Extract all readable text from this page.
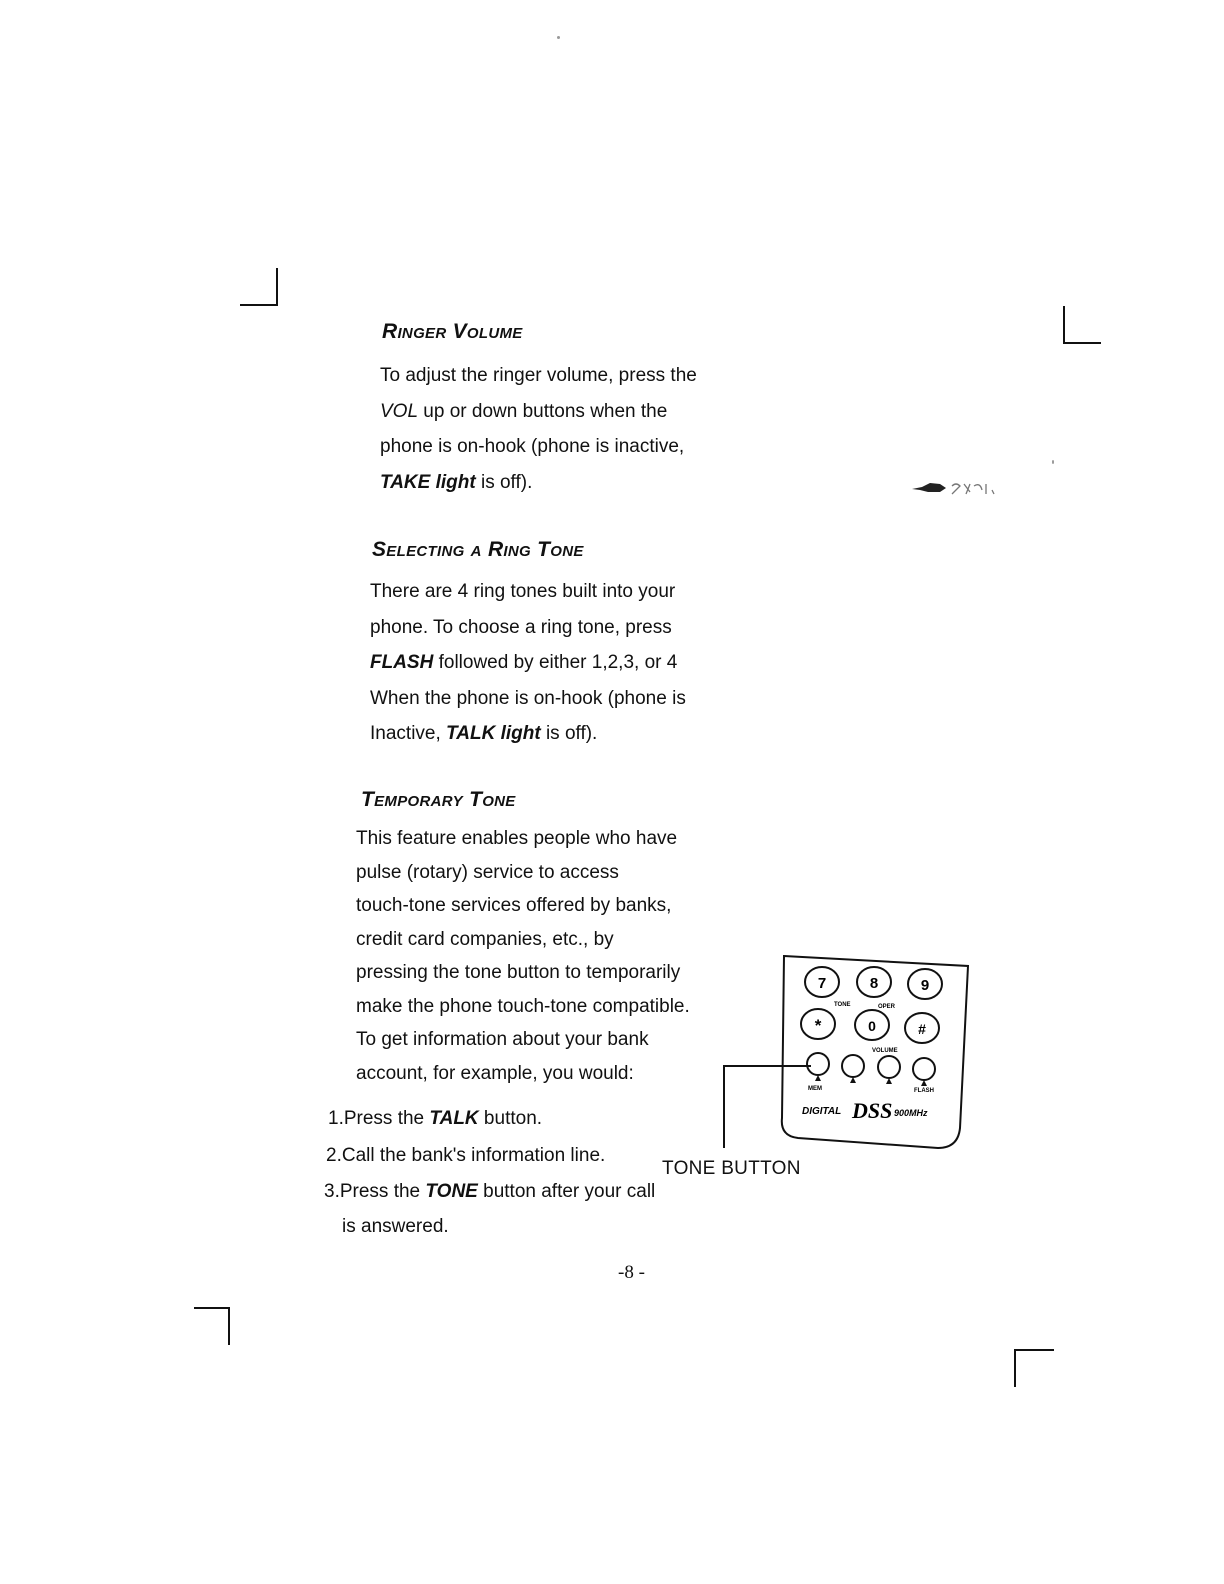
Ringer Volume
To adjust the ringer volume, press the
VOL up or down buttons when the
phone is on-hook (phone is inactive,
TAKE light is off).
Selecting a Ring Tone
There are 4 ring tones built into your
phone. To choose a ring tone, press
FLASH followed by either 1,2,3, or 4
When the phone is on-hook (phone is
Inactive, TALK light is off).
Temporary Tone
This feature enables people who have
pulse (rotary) service to access
touch-tone services offered by banks,
credit card companies, etc., by
pressing the tone button to temporarily
make the phone touch-tone compatible.
To get information about your bank
account, for example, you would:
1.Press the TALK button.
2.Call the bank's information line.
3.Press the TONE button after your call
is answered.
7	8	9
TONE	OPER
*	0	#
VOLUME
MEM	FLASH
DIGITAL DSS 900MHz
TONE BUTTON
-8 -
